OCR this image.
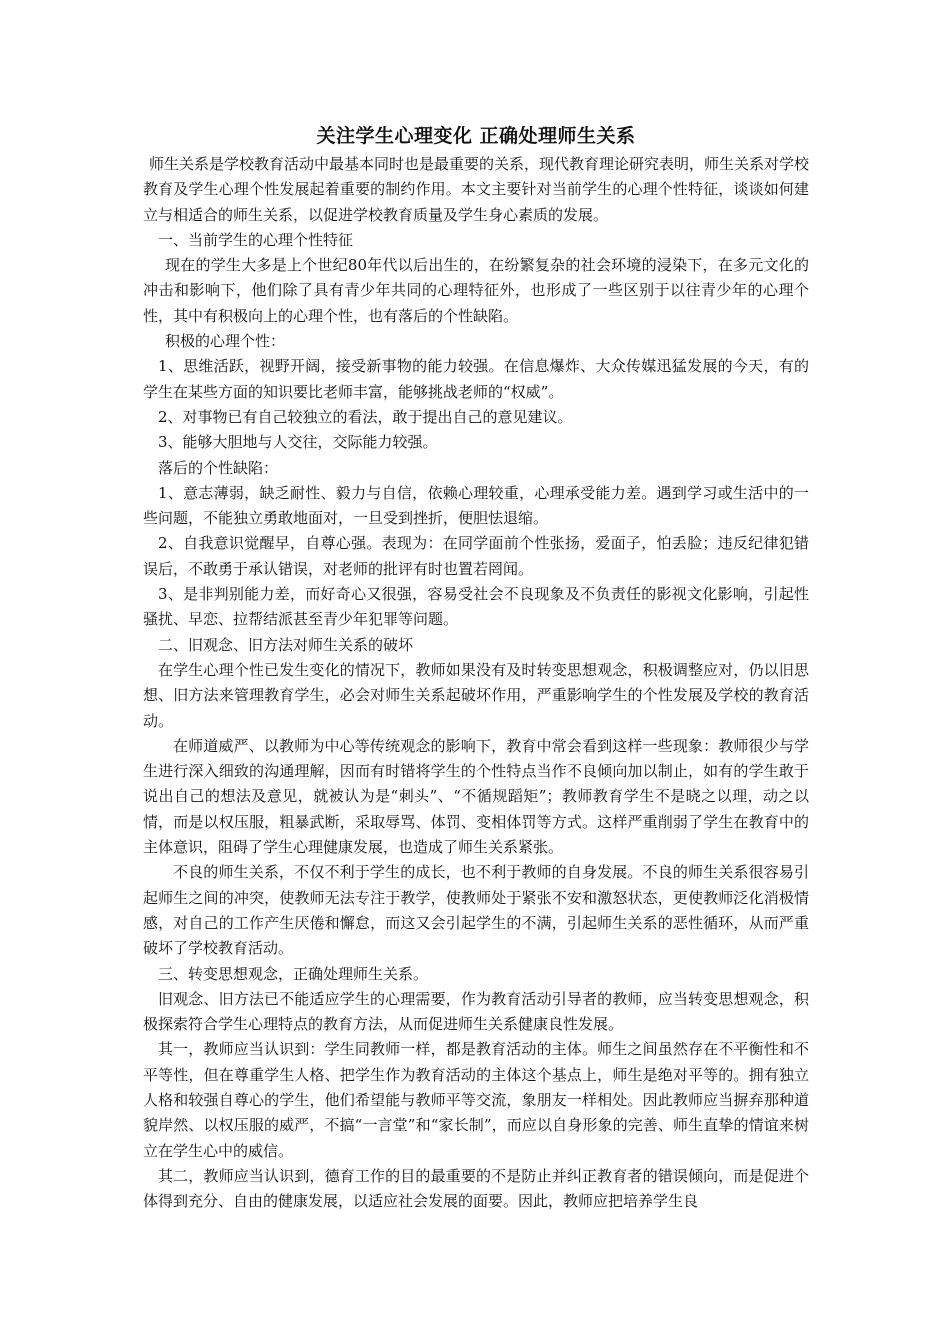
关注学生心理变化 正确处理师生关系

师生关系是学校教育活动中最基本同时也是最重要的关系，现代教育理论研究表明，师生关系对学校教育及学生心理个性发展起着重要的制约作用。本文主要针对当前学生的心理个性特征，谈谈如何建立与相适合的师生关系，以促进学校教育质量及学生身心素质的发展。

一、当前学生的心理个性特征

现在的学生大多是上个世纪80年代以后出生的，在纷繁复杂的社会环境的浸染下，在多元文化的冲击和影响下，他们除了具有青少年共同的心理特征外，也形成了一些区别于以往青少年的心理个性，其中有积极向上的心理个性，也有落后的个性缺陷。

积极的心理个性：

1、思维活跃，视野开阔，接受新事物的能力较强。在信息爆炸、大众传媒迅猛发展的今天，有的学生在某些方面的知识要比老师丰富，能够挑战老师的“权威”。

2、对事物已有自己较独立的看法，敢于提出自己的意见建议。

3、能够大胆地与人交往，交际能力较强。

落后的个性缺陷：

1、意志薄弱，缺乏耐性、毅力与自信，依赖心理较重，心理承受能力差。遇到学习或生活中的一些问题，不能独立勇敢地面对，一旦受到挫折，便胆怯退缩。

2、自我意识觉醒早，自尊心强。表现为：在同学面前个性张扬，爱面子，怕丢脸；违反纪律犯错误后，不敢勇于承认错误，对老师的批评有时也置若罔闻。

3、是非判别能力差，而好奇心又很强，容易受社会不良现象及不负责任的影视文化影响，引起性骚扰、早恋、拉帮结派甚至青少年犯罪等问题。

二、旧观念、旧方法对师生关系的破坏

在学生心理个性已发生变化的情况下，教师如果没有及时转变思想观念，积极调整应对，仍以旧思想、旧方法来管理教育学生，必会对师生关系起破坏作用，严重影响学生的个性发展及学校的教育活动。

在师道威严、以教师为中心等传统观念的影响下，教育中常会看到这样一些现象：教师很少与学生进行深入细致的沟通理解，因而有时错将学生的个性特点当作不良倾向加以制止，如有的学生敢于说出自己的想法及意见，就被认为是“刺头”、“不循规蹈矩”；教师教育学生不是晓之以理，动之以情，而是以权压服，粗暴武断，采取辱骂、体罚、变相体罚等方式。这样严重削弱了学生在教育中的主体意识，阻碍了学生心理健康发展，也造成了师生关系紧张。

不良的师生关系，不仅不利于学生的成长，也不利于教师的自身发展。不良的师生关系很容易引起师生之间的冲突，使教师无法专注于教学，使教师处于紧张不安和激怒状态，更使教师泛化消极情感，对自己的工作产生厌倦和懈怠，而这又会引起学生的不满，引起师生关系的恶性循环，从而严重破坏了学校教育活动。

三、转变思想观念，正确处理师生关系。

旧观念、旧方法已不能适应学生的心理需要，作为教育活动引导者的教师，应当转变思想观念，积极探索符合学生心理特点的教育方法，从而促进师生关系健康良性发展。

其一，教师应当认识到：学生同教师一样，都是教育活动的主体。师生之间虽然存在不平衡性和不平等性，但在尊重学生人格、把学生作为教育活动的主体这个基点上，师生是绝对平等的。拥有独立人格和较强自尊心的学生，他们希望能与教师平等交流，象朋友一样相处。因此教师应当摒弃那种道貌岸然、以权压服的威严，不搞“一言堂”和“家长制”，而应以自身形象的完善、师生直挚的情谊来树立在学生心中的威信。

其二，教师应当认识到，德育工作的目的最重要的不是防止并纠正教育者的错误倾向，而是促进个体得到充分、自由的健康发展，以适应社会发展的面要。因此，教师应把培养学生良
